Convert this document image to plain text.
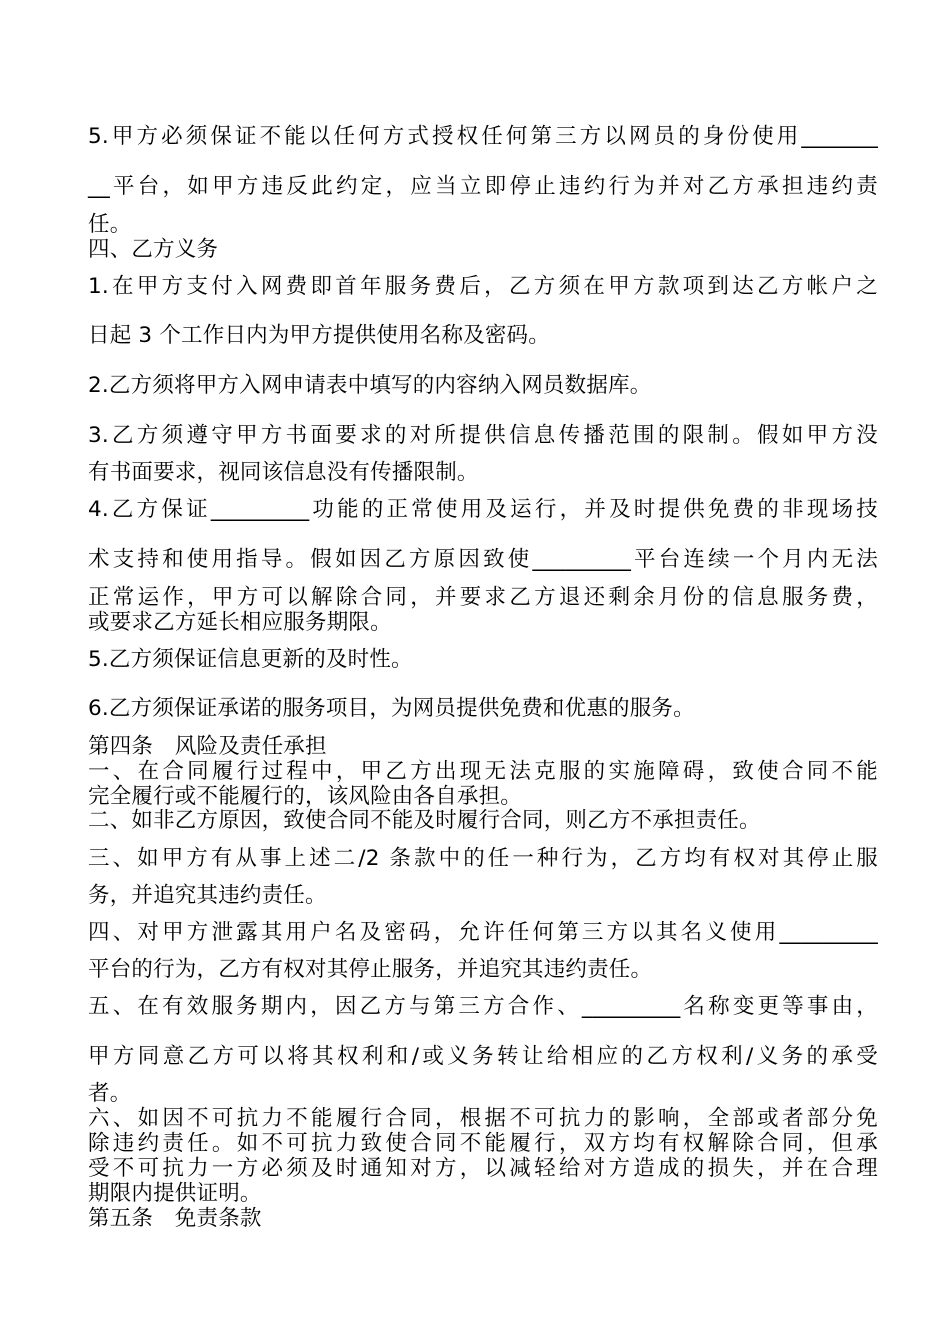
5.甲方必须保证不能以任何方式授权任何第三方以网员的身份使用_______
__平台，如甲方违反此约定，应当立即停止违约行为并对乙方承担违约责
任。
四、乙方义务
1.在甲方支付入网费即首年服务费后，乙方须在甲方款项到达乙方帐户之
日起 3 个工作日内为甲方提供使用名称及密码。
2.乙方须将甲方入网申请表中填写的内容纳入网员数据库。
3.乙方须遵守甲方书面要求的对所提供信息传播范围的限制。假如甲方没
有书面要求，视同该信息没有传播限制。
4.乙方保证_________功能的正常使用及运行，并及时提供免费的非现场技
术支持和使用指导。假如因乙方原因致使_________平台连续一个月内无法
正常运作，甲方可以解除合同，并要求乙方退还剩余月份的信息服务费，
或要求乙方延长相应服务期限。
5.乙方须保证信息更新的及时性。
6.乙方须保证承诺的服务项目，为网员提供免费和优惠的服务。
第四条　风险及责任承担
一、在合同履行过程中，甲乙方出现无法克服的实施障碍，致使合同不能
完全履行或不能履行的，该风险由各自承担。
二、如非乙方原因，致使合同不能及时履行合同，则乙方不承担责任。
三、如甲方有从事上述二/2 条款中的任一种行为，乙方均有权对其停止服
务，并追究其违约责任。
四、对甲方泄露其用户名及密码，允许任何第三方以其名义使用_________
平台的行为，乙方有权对其停止服务，并追究其违约责任。
五、在有效服务期内，因乙方与第三方合作、_________名称变更等事由，
甲方同意乙方可以将其权利和/或义务转让给相应的乙方权利/义务的承受
者。
六、如因不可抗力不能履行合同，根据不可抗力的影响，全部或者部分免
除违约责任。如不可抗力致使合同不能履行，双方均有权解除合同，但承
受不可抗力一方必须及时通知对方，以减轻给对方造成的损失，并在合理
期限内提供证明。
第五条　免责条款
